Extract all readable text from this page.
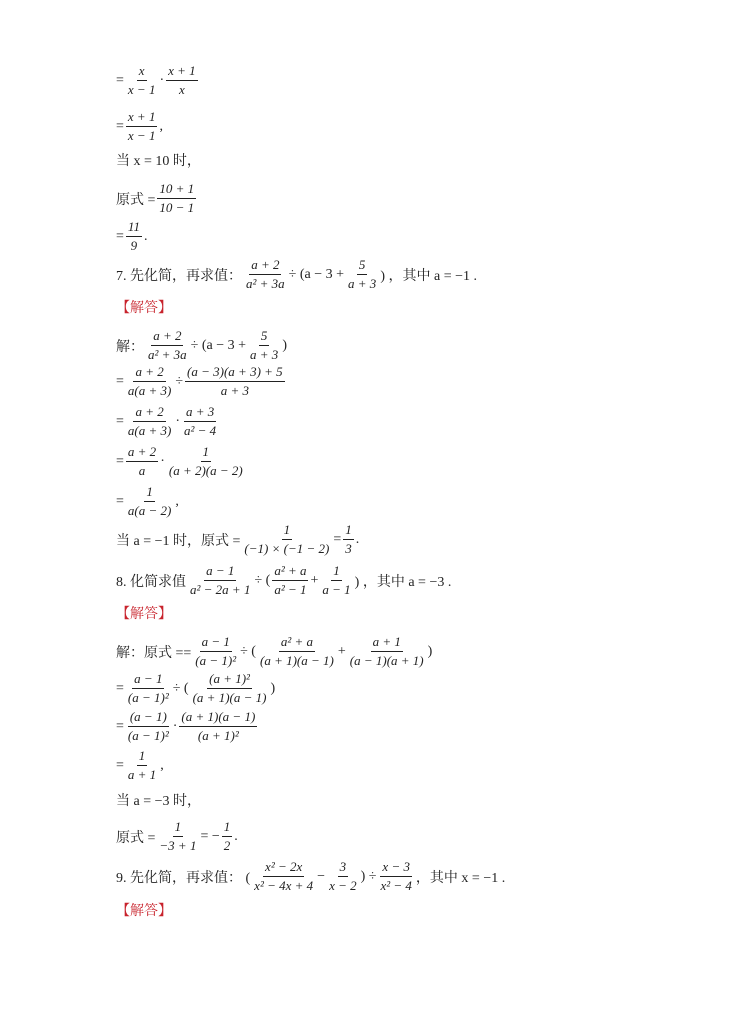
= $\frac{x}{x - 1} \cdot \frac{x + 1}{x}$
= $\frac{x + 1}{x - 1}$ ,
当 x = 10 时，
原式 = $\frac{10 + 1}{10 - 1}$
= $\frac{11}{9}$ .
7. 先化简，再求值： $\frac{a + 2}{\text{a² + 3a}} \div (a - 3 + \frac{5}{a + 3}$ ) ，其中 a = −1 .
【解答】
解： $\frac{a + 2}{\text{a² + 3a}} \div (a - 3 + \frac{5}{a + 3}$ )
= $\frac{a + 2}{a(a + 3)} \div \frac{(a - 3)(a + 3) + 5}{a + 3}$
= $\frac{a + 2}{a(a + 3)} \cdot \frac{a + 3}{\text{a² − 4}}$
= $\frac{a + 2}{a} \cdot \frac{1}{(a + 2)(a - 2)}$
= $\frac{1}{a(a - 2)}$ ,
当 a = −1 时，原式 = $\frac{1}{(-1) \times (-1 - 2)} = \frac{1}{3}$ .
8. 化简求值 $\frac{a - 1}{\text{a² − 2a + 1}}$ ÷ ( $\frac{\text{a² + a}}{\text{a² − 1}} + \frac{1}{a - 1}$ ) ，其中 a = −3 .
【解答】
解：原式 == $\frac{a - 1}{\text{(a − 1)²}}$ ÷ ( $\frac{\text{a² + a}}{(a + 1)(a - 1)} + \frac{a + 1}{(a - 1)(a + 1)}$ )
= $\frac{a - 1}{\text{(a − 1)²}}$ ÷ ( $\frac{\text{(a + 1)²}}{(a + 1)(a - 1)}$ )
= $\frac{(a - 1)}{\text{(a − 1)²}} \cdot \frac{(a + 1)(a - 1)}{\text{(a + 1)²}}$
= $\frac{1}{a + 1}$ ,
当 a = −3 时，
原式 = $\frac{1}{-3 + 1}$ = − $\frac{1}{2}$ .
9. 先化简，再求值： ( $\frac{\text{x² − 2x}}{\text{x² − 4x + 4}} - \frac{3}{x - 2}$ ) ÷ $\frac{x - 3}{\text{x² − 4}}$ ，其中 x = −1 .
【解答】
